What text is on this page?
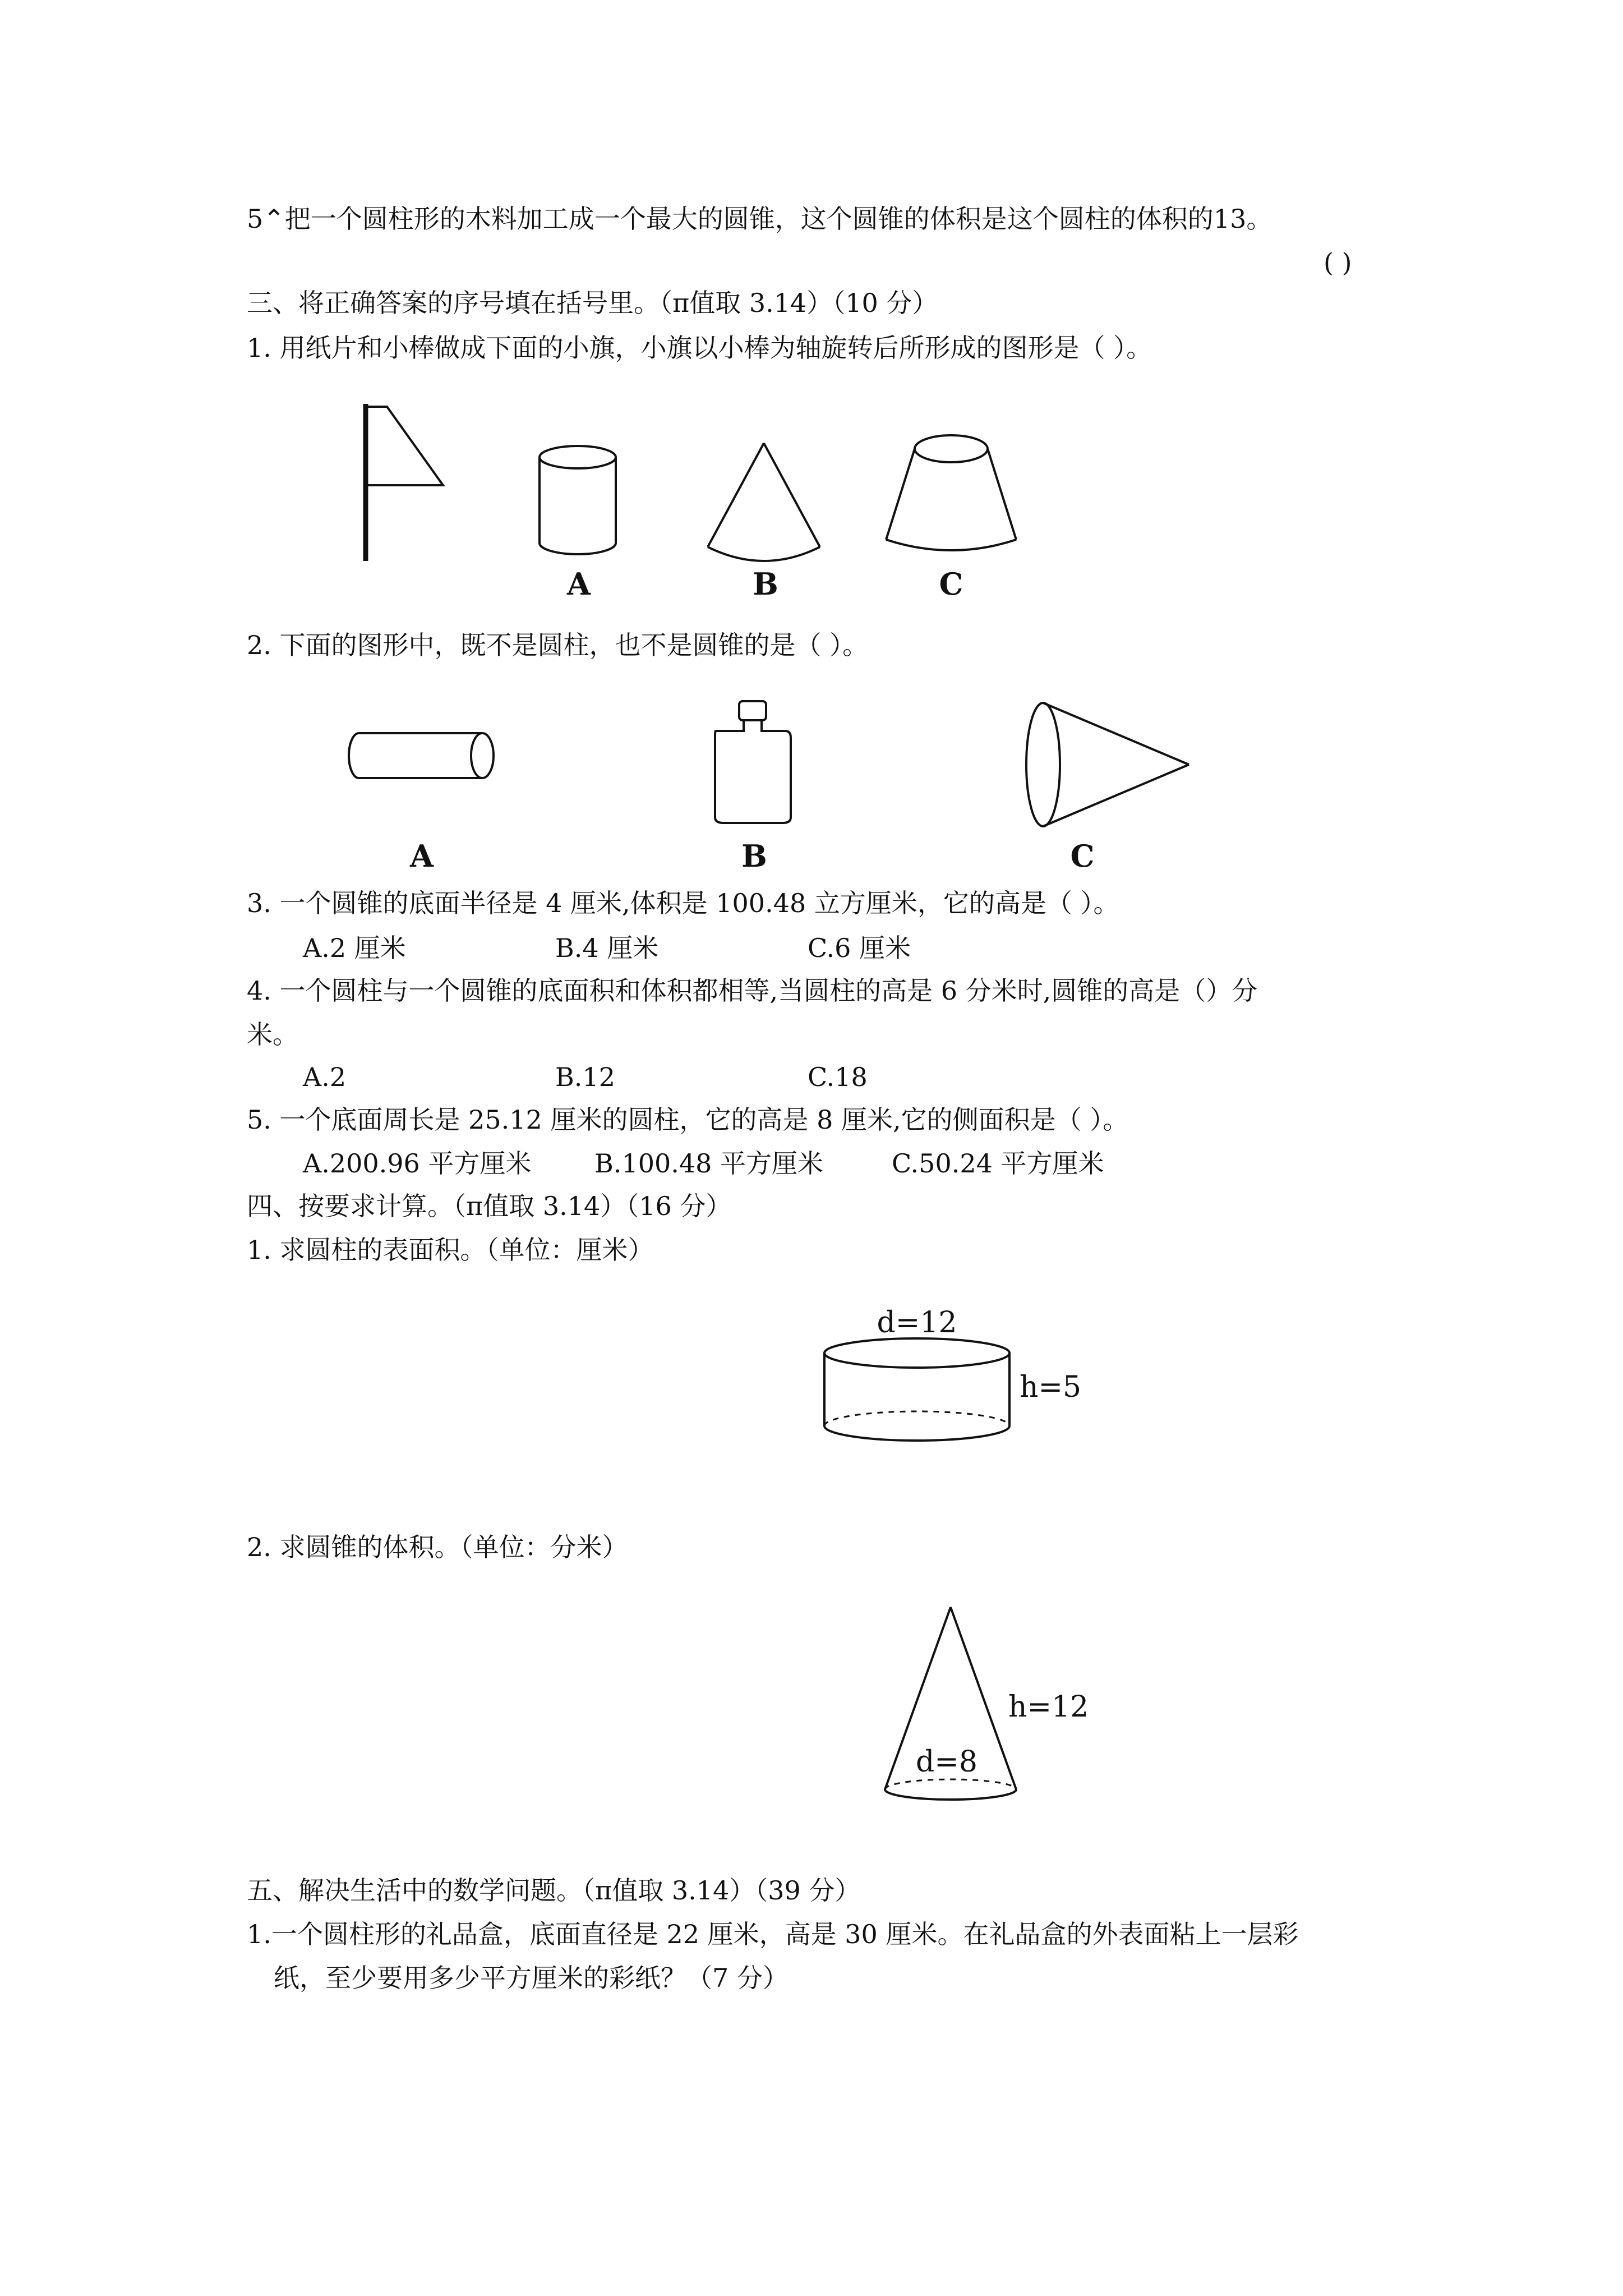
5⌃把一个圆柱形的木料加工成一个最大的圆锥，这个圆锥的体积是这个圆柱的体积的13。

( )

三、将正确答案的序号填在括号里。（π值取 3.14）（10 分）

1. 用纸片和小棒做成下面的小旗，小旗以小棒为轴旋转后所形成的图形是（ ）。

A	B	C

2. 下面的图形中，既不是圆柱，也不是圆锥的是（ ）。

A	B	C

3. 一个圆锥的底面半径是 4 厘米,体积是 100.48 立方厘米，它的高是（ ）。

A.2 厘米	B.4 厘米	C.6 厘米

4. 一个圆柱与一个圆锥的底面积和体积都相等,当圆柱的高是 6 分米时,圆锥的高是（）分

米。

A.2	B.12	C.18

5. 一个底面周长是 25.12 厘米的圆柱，它的高是 8 厘米,它的侧面积是（ ）。

A.200.96 平方厘米 B.100.48 平方厘米	C.50.24 平方厘米

四、按要求计算。（π值取 3.14）（16 分）

1. 求圆柱的表面积。（单位：厘米）

d=12
h=5

2. 求圆锥的体积。（单位：分米）

h=12
d=8

五、解决生活中的数学问题。（π值取 3.14）（39 分）

1.一个圆柱形的礼品盒，底面直径是 22 厘米，高是 30 厘米。在礼品盒的外表面粘上一层彩

纸，至少要用多少平方厘米的彩纸？（7 分）
